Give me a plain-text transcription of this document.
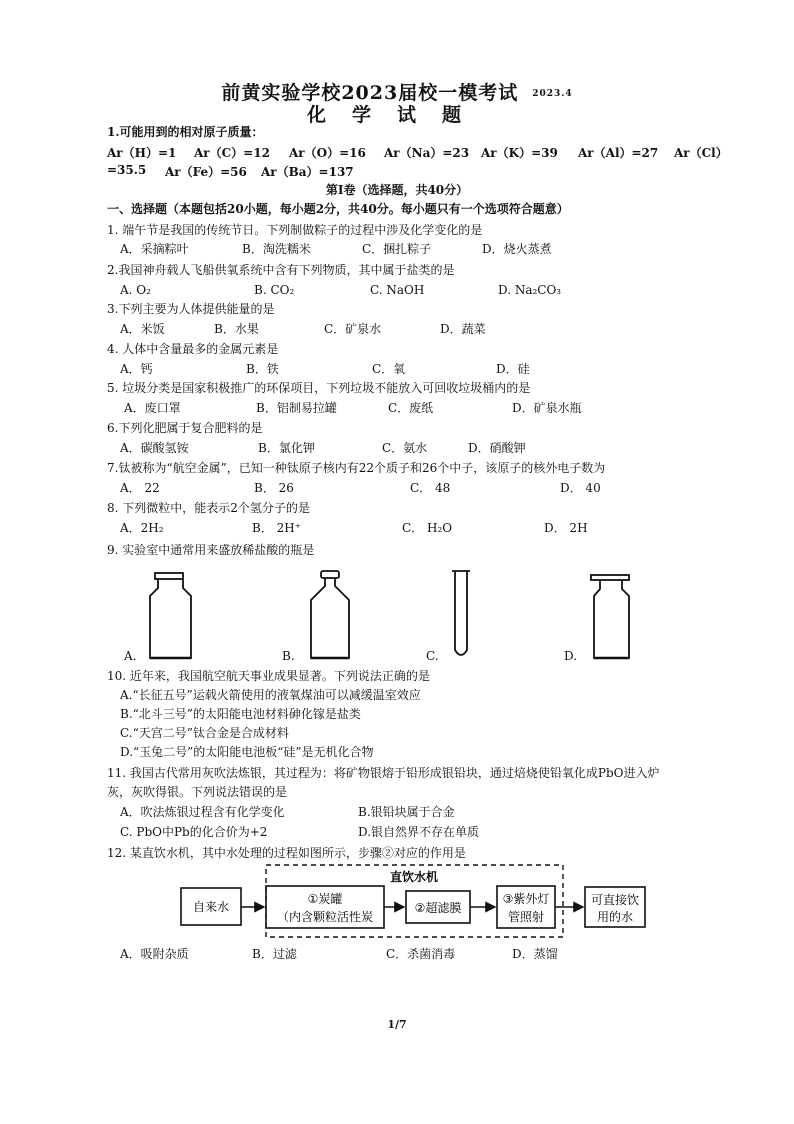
前黄实验学校2023届校一模考试 2023.4
化学试题
1.可能用到的相对原子质量：
Ar（H）=1 Ar（C）=12 Ar（O）=16 Ar（Na）=23 Ar（K）=39 Ar（Al）=27 Ar（Cl）
=35.5 Ar（Fe）=56 Ar（Ba）=137
第Ⅰ卷（选择题，共40分）
一、选择题（本题包括20小题，每小题2分，共40分。每小题只有一个选项符合题意）
1. 端午节是我国的传统节日。下列制做粽子的过程中涉及化学变化的是
A．采摘粽叶	B．淘洗糯米	C．捆扎粽子	D．烧火蒸煮
2.我国神舟载人飞船供氧系统中含有下列物质，其中属于盐类的是
A. O₂	B. CO₂	C. NaOH	D. Na₂CO₃
3.下列主要为人体提供能量的是
A．米饭	B．水果	C．矿泉水	D．蔬菜
4. 人体中含量最多的金属元素是
A．钙	B．铁	C．氧	D．硅
5. 垃圾分类是国家积极推广的环保项目，下列垃圾不能放入可回收垃圾桶内的是
A．废口罩	B．铝制易拉罐	C．废纸	D．矿泉水瓶
6.下列化肥属于复合肥料的是
A．碳酸氢铵	B．氯化钾	C．氨水	D．硝酸钾
7.钛被称为“航空金属”，已知一种钛原子核内有22个质子和26个中子，该原子的核外电子数为
A． 22	B． 26	C． 48	D． 40
8. 下列微粒中，能表示2个氢分子的是
A．2H₂	B． 2H⁺	C． H₂O	D． 2H
9. 实验室中通常用来盛放稀盐酸的瓶是
A.	B.	C.	D.
10. 近年来，我国航空航天事业成果显著。下列说法正确的是
A.“长征五号”运载火箭使用的液氧煤油可以减缓温室效应
B.“北斗三号”的太阳能电池材料砷化镓是盐类
C.“天宫二号”钛合金是合成材料
D.“玉兔二号”的太阳能电池板“硅”是无机化合物
11. 我国古代常用灰吹法炼银，其过程为：将矿物银熔于铅形成银铅块，通过焙烧使铅氧化成PbO进入炉
灰，灰吹得银。下列说法错误的是
A．吹法炼银过程含有化学变化	B.银铅块属于合金
C. PbO中Pb的化合价为+2	D.银自然界不存在单质
12. 某直饮水机，其中水处理的过程如图所示，步骤②对应的作用是
直饮水机
自来水
①炭罐
（内含颗粒活性炭
②超滤膜
③紫外灯
管照射
可直接饮
用的水
A．吸附杂质	B．过滤	C．杀菌消毒	D．蒸馏
1/7
